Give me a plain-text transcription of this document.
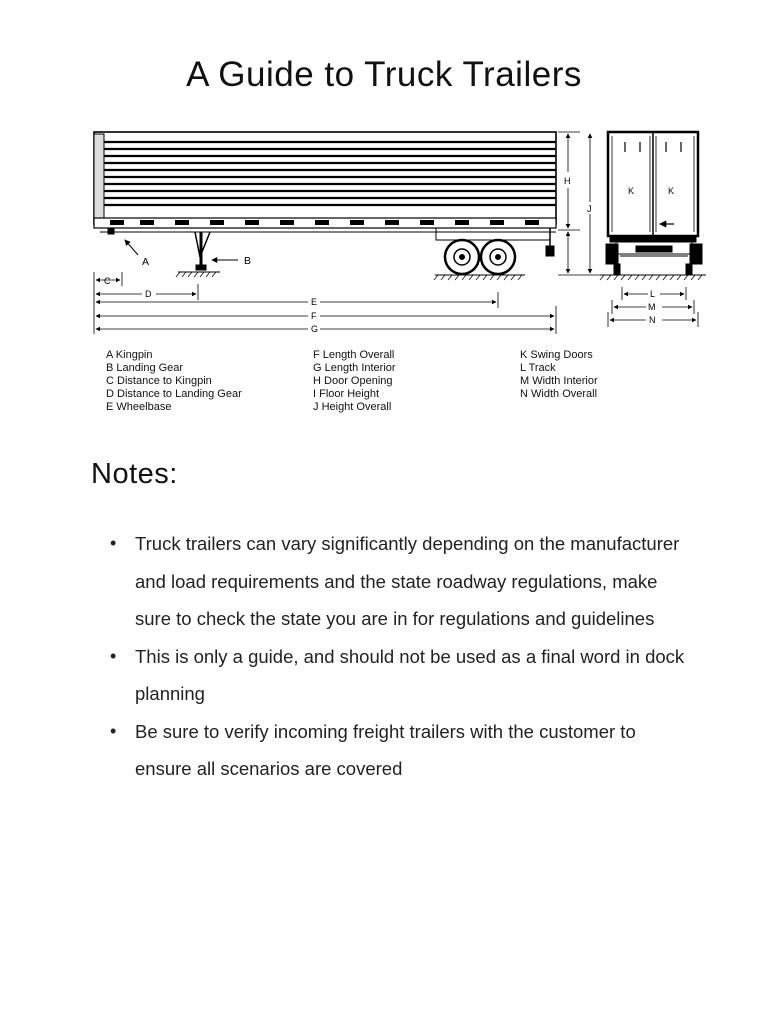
A Guide to Truck Trailers
A	B
H
J
C
D
E
F
G
K	K
L
M
N
A Kingpin
B Landing Gear
C Distance to Kingpin
D Distance to Landing Gear
E Wheelbase
F Length Overall
G Length Interior
H Door Opening
I Floor Height
J Height Overall
K Swing Doors
L Track
M Width Interior
N Width Overall
Notes:
• Truck trailers can vary significantly depending on the manufacturer and load requirements and the state roadway regulations, make sure to check the state you are in for regulations and guidelines
• This is only a guide, and should not be used as a final word in dock planning
• Be sure to verify incoming freight trailers with the customer to ensure all scenarios are covered
